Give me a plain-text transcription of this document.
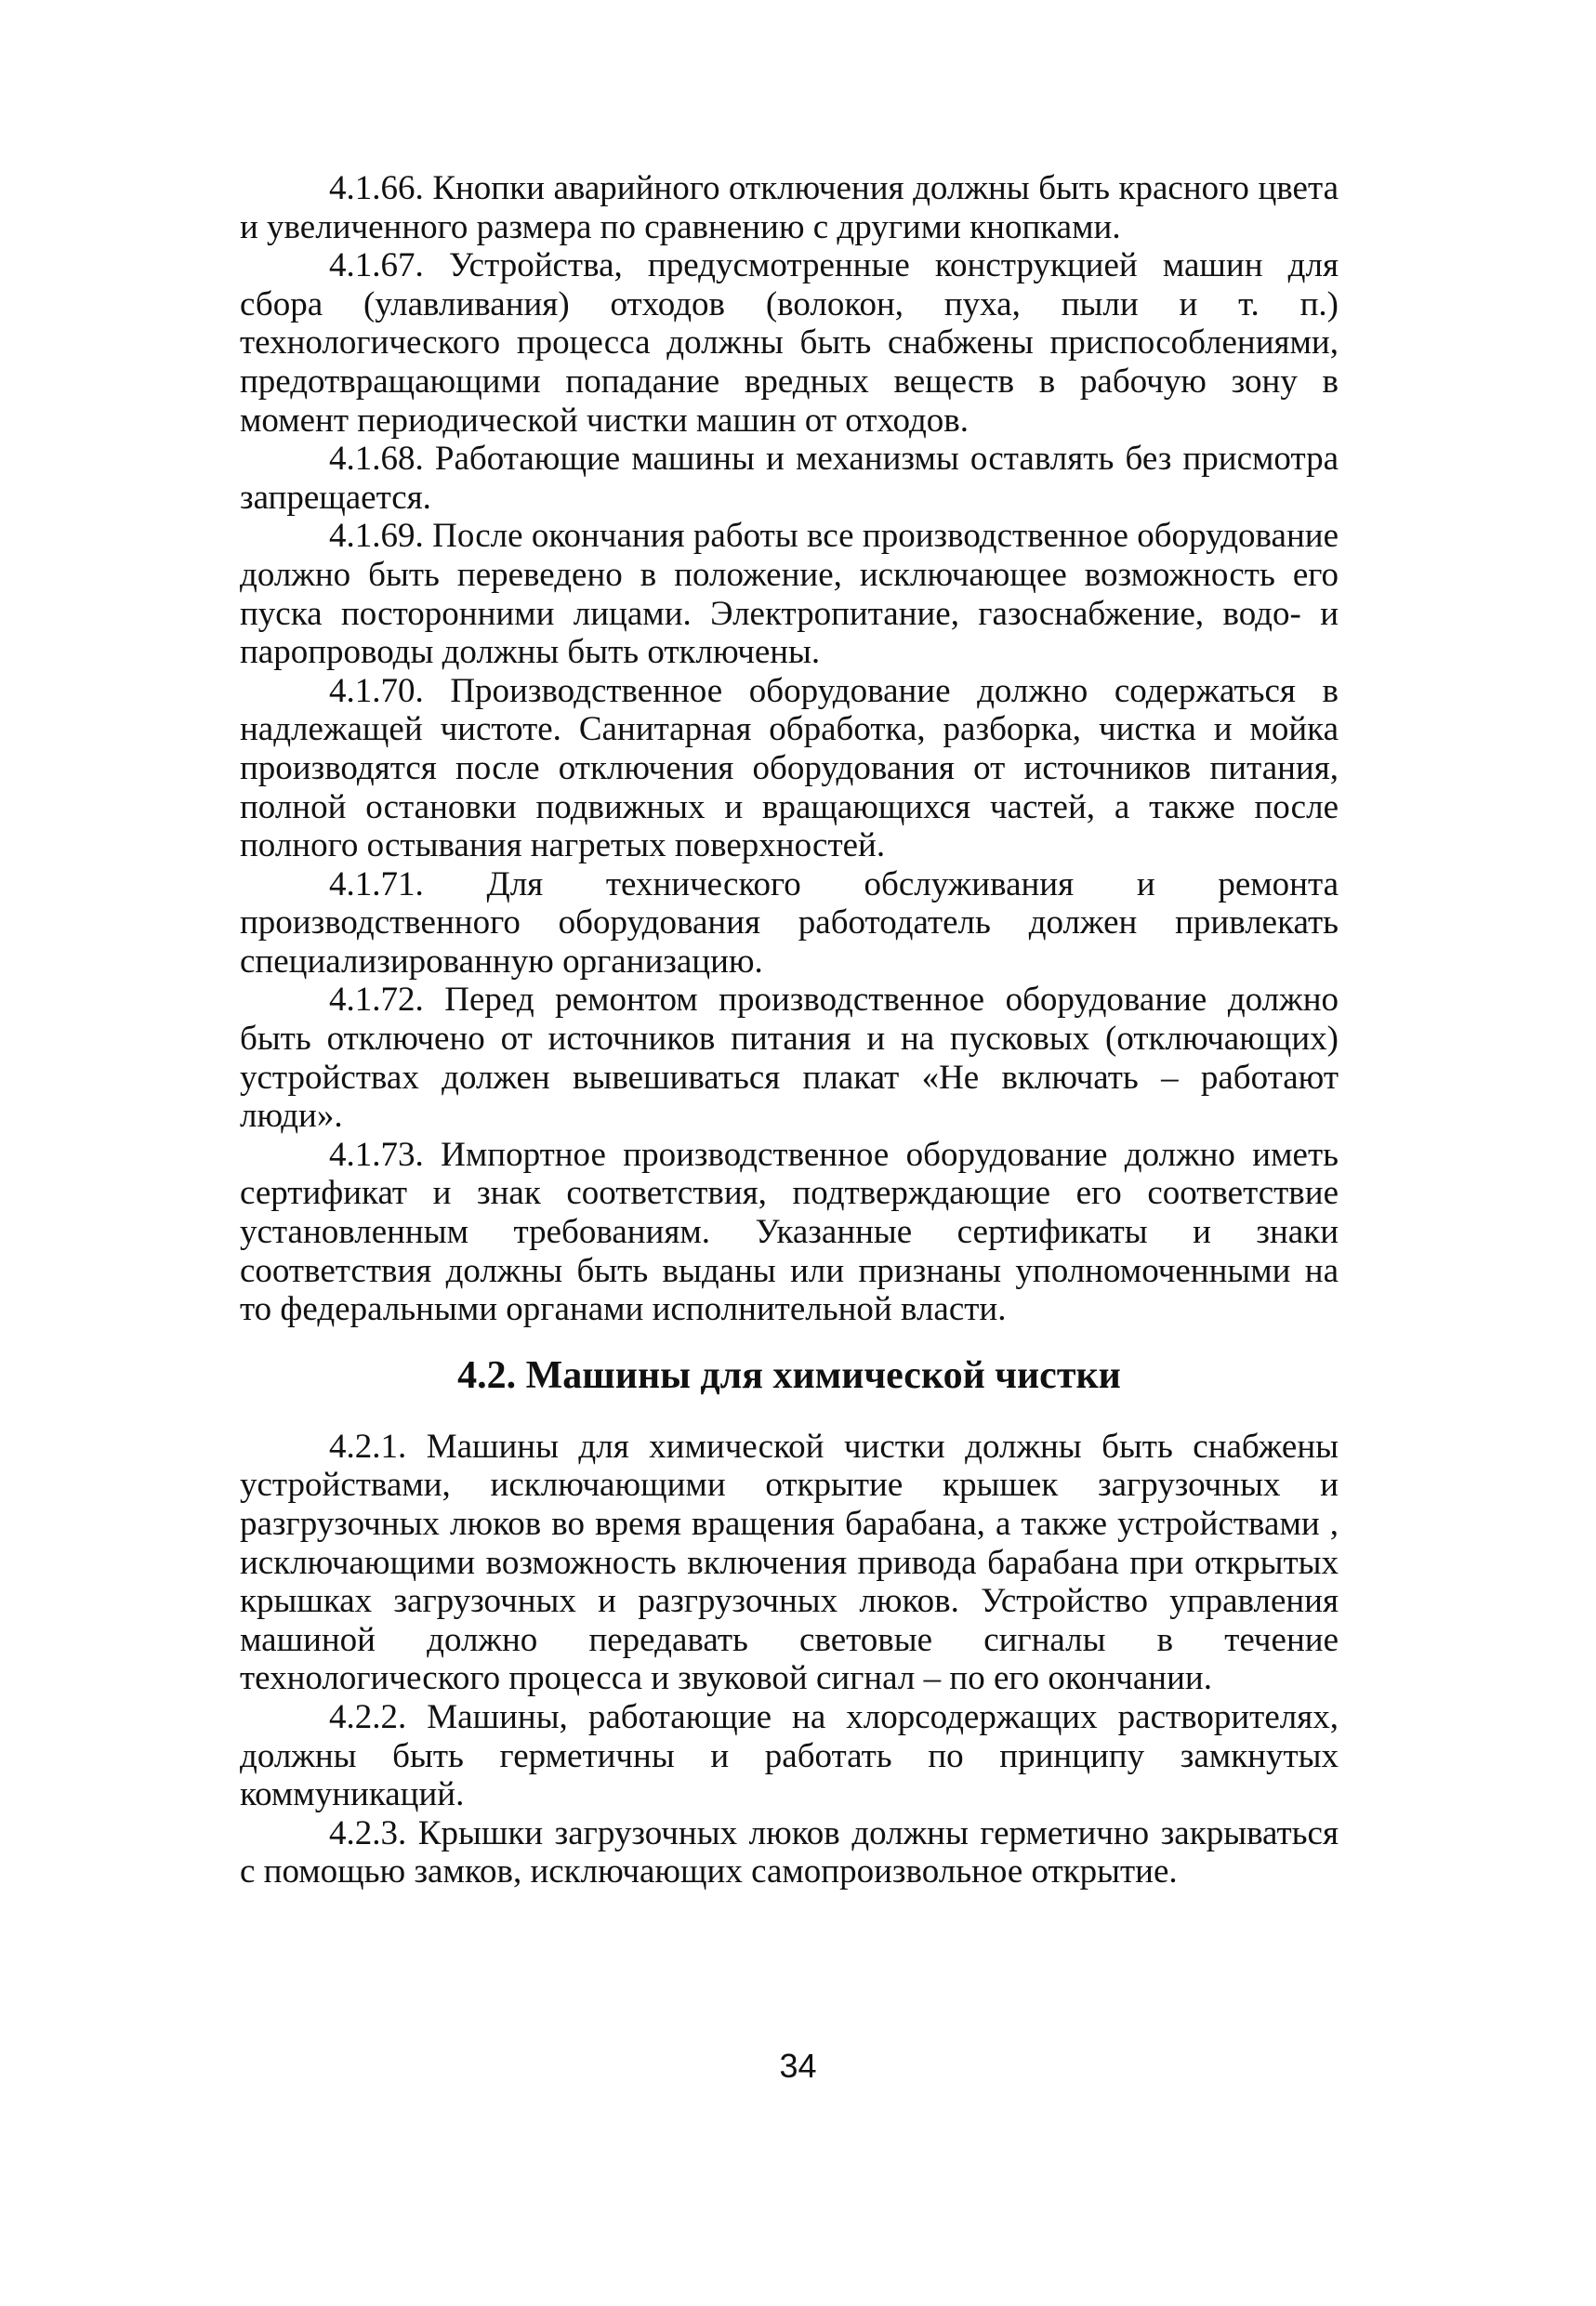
4.1.66. Кнопки аварийного отключения должны быть красного цвета и увеличенного размера по сравнению с другими кнопками.

4.1.67. Устройства, предусмотренные конструкцией машин для сбора (улавливания) отходов (волокон, пуха, пыли и т. п.) технологического процесса должны быть снабжены приспособлениями, предотвращающими попадание вредных веществ в рабочую зону в момент периодической чистки машин от отходов.

4.1.68. Работающие машины и механизмы оставлять без присмотра запрещается.

4.1.69. После окончания работы все производственное оборудование должно быть переведено в положение, исключающее возможность его пуска посторонними лицами. Электропитание, газоснабжение, водо- и паропроводы должны быть отключены.

4.1.70. Производственное оборудование должно содержаться в надлежащей чистоте. Санитарная обработка, разборка, чистка и мойка производятся после отключения оборудования от источников питания, полной остановки подвижных и вращающихся частей, а также после полного остывания нагретых поверхностей.

4.1.71. Для технического обслуживания и ремонта производственного оборудования работодатель должен привлекать специализированную организацию.

4.1.72. Перед ремонтом производственное оборудование должно быть отключено от источников питания и на пусковых (отключающих) устройствах должен вывешиваться плакат «Не включать – работают люди».

4.1.73. Импортное производственное оборудование должно иметь сертификат и знак соответствия, подтверждающие его соответствие установленным требованиям. Указанные сертификаты и знаки соответствия должны быть выданы или признаны уполномоченными на то федеральными органами исполнительной власти.

4.2. Машины для химической чистки

4.2.1. Машины для химической чистки должны быть снабжены устройствами, исключающими открытие крышек загрузочных и разгрузочных люков во время вращения барабана, а также устройствами , исключающими возможность включения привода барабана при открытых крышках загрузочных и разгрузочных люков. Устройство управления машиной должно передавать световые сигналы в течение технологического процесса и звуковой сигнал – по его окончании.

4.2.2. Машины, работающие на хлорсодержащих растворителях, должны быть герметичны и работать по принципу замкнутых коммуникаций.

4.2.3. Крышки загрузочных люков должны герметично закрываться с помощью замков, исключающих самопроизвольное открытие.

34
